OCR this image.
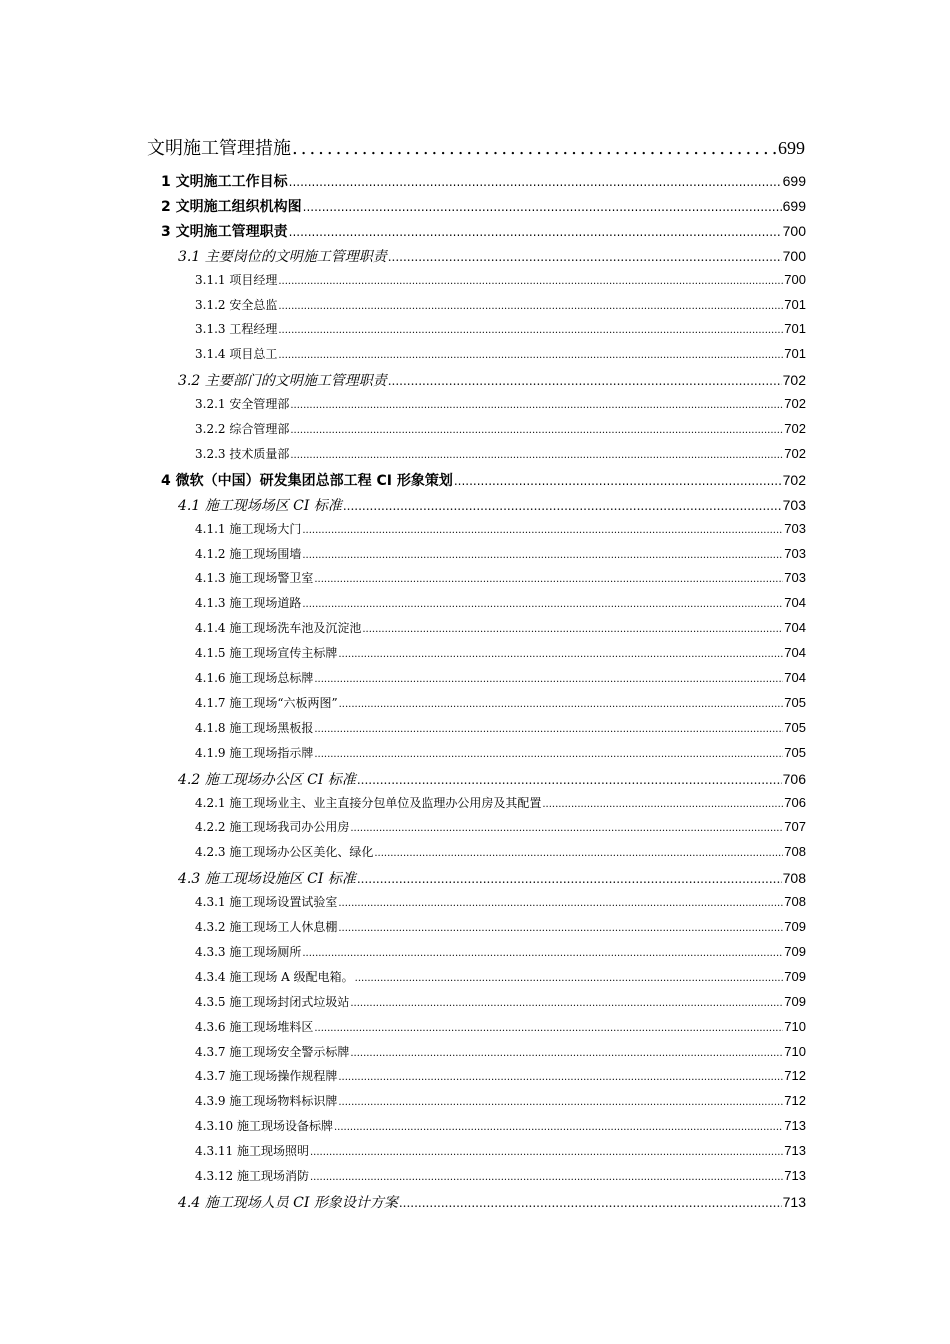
文明施工管理措施 .....	699
1 文明施工工作目标 .....	699
2 文明施工组织机构图 .....	699
3 文明施工管理职责 .....	700
3.1 主要岗位的文明施工管理职责 .....	700
3.1.1 项目经理 .....	700
3.1.2 安全总监 .....	701
3.1.3 工程经理 .....	701
3.1.4 项目总工 .....	701
3.2 主要部门的文明施工管理职责 .....	702
3.2.1 安全管理部 .....	702
3.2.2 综合管理部 .....	702
3.2.3 技术质量部 .....	702
4 微软（中国）研发集团总部工程 CI 形象策划 .....	702
4.1 施工现场场区 CI 标准 .....	703
4.1.1 施工现场大门 .....	703
4.1.2 施工现场围墙 .....	703
4.1.3 施工现场警卫室 .....	703
4.1.3 施工现场道路 .....	704
4.1.4 施工现场洗车池及沉淀池 .....	704
4.1.5 施工现场宣传主标牌 .....	704
4.1.6 施工现场总标牌 .....	704
4.1.7 施工现场“六板两图” .....	705
4.1.8 施工现场黑板报 .....	705
4.1.9 施工现场指示牌 .....	705
4.2 施工现场办公区 CI 标准 .....	706
4.2.1 施工现场业主、业主直接分包单位及监理办公用房及其配置 .....	706
4.2.2 施工现场我司办公用房 .....	707
4.2.3 施工现场办公区美化、绿化 .....	708
4.3 施工现场设施区 CI 标准 .....	708
4.3.1 施工现场设置试验室 .....	708
4.3.2 施工现场工人休息棚 .....	709
4.3.3 施工现场厕所 .....	709
4.3.4 施工现场 A 级配电箱。 .....	709
4.3.5 施工现场封闭式垃圾站 .....	709
4.3.6 施工现场堆料区 .....	710
4.3.7 施工现场安全警示标牌 .....	710
4.3.7 施工现场操作规程牌 .....	712
4.3.9 施工现场物料标识牌 .....	712
4.3.10 施工现场设备标牌 .....	713
4.3.11 施工现场照明 .....	713
4.3.12 施工现场消防 .....	713
4.4 施工现场人员 CI 形象设计方案 .....	713
